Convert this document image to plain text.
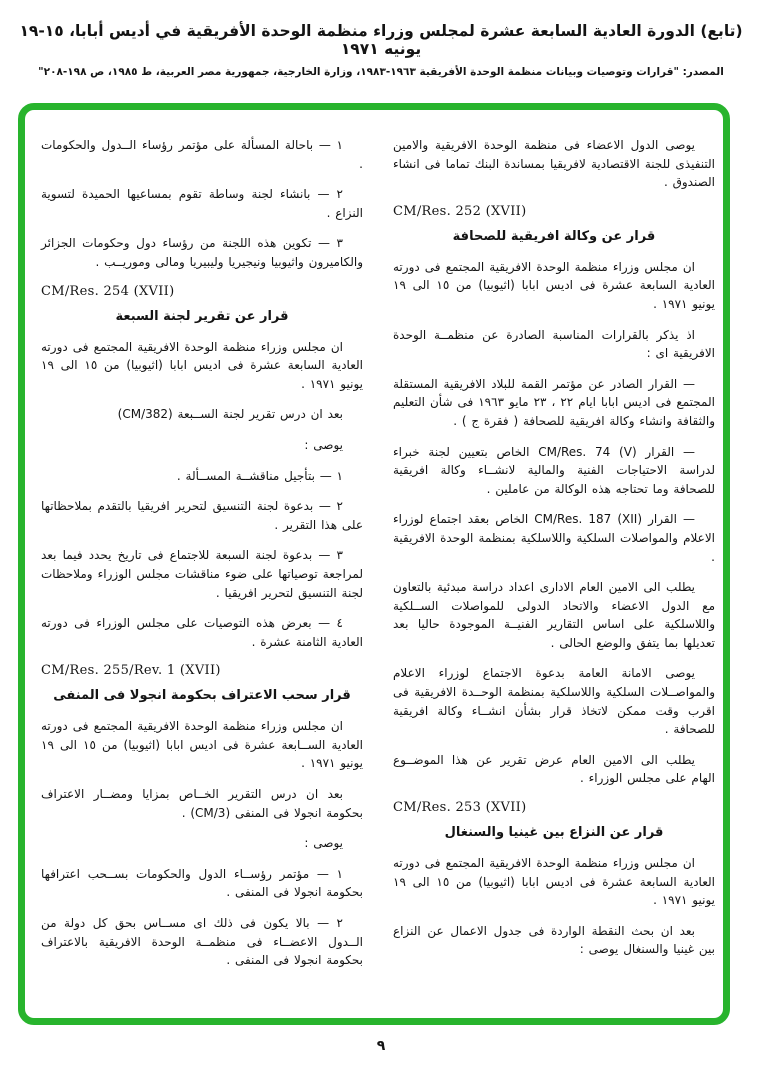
(تابع) الدورة العادية السابعة عشرة لمجلس وزراء منظمة الوحدة الأفريقية في أديس أبابا، ١٥-١٩ يونيه ١٩٧١
المصدر: "قرارات وتوصيات وبيانات منظمة الوحدة الأفريقية ١٩٦٣-١٩٨٣، وزارة الخارجية، جمهورية مصر العربية، ط ١٩٨٥، ص ١٩٨-٢٠٨"

يوصى الدول الاعضاء فى منظمة الوحدة الافريقية والامين التنفيذى للجنة الاقتصادية لافريقيا بمساندة البنك تماما فى انشاء الصندوق .

CM/Res. 252 (XVII)
قرار عن وكالة افريقية للصحافة

ان مجلس وزراء منظمة الوحدة الافريقية المجتمع فى دورته العادية السابعة عشرة فى اديس ابابا (اثيوبيا) من ١٥ الى ١٩ يونيو ١٩٧١ .

اذ يذكر بالقرارات المناسبة الصادرة عن منظمــة الوحدة الافريقية اى :

— القرار الصادر عن مؤتمر القمة للبلاد الافريقية المستقلة المجتمع فى اديس ابابا ايام ٢٢ ، ٢٣ مايو ١٩٦٣ فى شأن التعليم والثقافة وانشاء وكالة افريقية للصحافة ( فقرة ج ) .

— القرار CM/Res. 74 (V) الخاص بتعيين لجنة خبراء لدراسة الاحتياجات الفنية والمالية لانشــاء وكالة افريقية للصحافة وما تحتاجه هذه الوكالة من عاملين .

— القرار CM/Res. 187 (XII) الخاص بعقد اجتماع لوزراء الاعلام والمواصلات السلكية واللاسلكية بمنظمة الوحدة الافريقية .

يطلب الى الامين العام الادارى اعداد دراسة مبدئية بالتعاون مع الدول الاعضاء والاتحاد الدولى للمواصلات الســلكية واللاسلكية على اساس التقارير الفنيــة الموجودة حاليا بعد تعديلها بما يتفق والوضع الحالى .

يوصى الامانة العامة بدعوة الاجتماع لوزراء الاعلام والمواصــلات السلكية واللاسلكية بمنظمة الوحــدة الافريقية فى اقرب وقت ممكن لاتخاذ قرار بشأن انشــاء وكالة افريقية للصحافة .

يطلب الى الامين العام عرض تقرير عن هذا الموضــوع الهام على مجلس الوزراء .

CM/Res. 253 (XVII)
قرار عن النزاع بين غينيا والسنغال

ان مجلس وزراء منظمة الوحدة الافريقية المجتمع فى دورته العادية السابعة عشرة فى اديس ابابا (اثيوبيا) من ١٥ الى ١٩ يونيو ١٩٧١ .

بعد ان بحث النقطة الواردة فى جدول الاعمال عن النزاع بين غينيا والسنغال يوصى :

١ — باحالة المسألة على مؤتمر رؤساء الــدول والحكومات .

٢ — بانشاء لجنة وساطة تقوم بمساعيها الحميدة لتسوية النزاع .

٣ — تكوين هذه اللجنة من رؤساء دول وحكومات الجزائر والكاميرون واثيوبيا ونيجيريا وليبيريا ومالى وموريــب .

CM/Res. 254 (XVII)
قرار عن تقرير لجنة السبعة

ان مجلس وزراء منظمة الوحدة الافريقية المجتمع فى دورته العادية السابعة عشرة فى اديس ابابا (اثيوبيا) من ١٥ الى ١٩ يونيو ١٩٧١ .

بعد ان درس تقرير لجنة الســبعة (CM/382)

يوصى :

١ — بتأجيل مناقشــة المســألة .

٢ — بدعوة لجنة التنسيق لتحرير افريقيا بالتقدم بملاحظاتها على هذا التقرير .

٣ — بدعوة لجنة السبعة للاجتماع فى تاريخ يحدد فيما بعد لمراجعة توصياتها على ضوء مناقشات مجلس الوزراء وملاحظات لجنة التنسيق لتحرير افريقيا .

٤ — بعرض هذه التوصيات على مجلس الوزراء فى دورته العادية الثامنة عشرة .

CM/Res. 255/Rev. 1 (XVII)
قرار سحب الاعتراف بحكومة انجولا فى المنفى

ان مجلس وزراء منظمة الوحدة الافريقية المجتمع فى دورته العادية الســابعة عشرة فى اديس ابابا (اثيوبيا) من ١٥ الى ١٩ يونيو ١٩٧١ .

بعد ان درس التقرير الخــاص بمزايا ومضــار الاعتراف بحكومة انجولا فى المنفى (CM/3) .

يوصى :

١ — مؤتمر رؤســاء الدول والحكومات بســحب اعترافها بحكومة انجولا فى المنفى .

٢ — بالا يكون فى ذلك اى مســاس بحق كل دولة من الــدول الاعضــاء فى منظمــة الوحدة الافريقية بالاعتراف بحكومة انجولا فى المنفى .

٩
